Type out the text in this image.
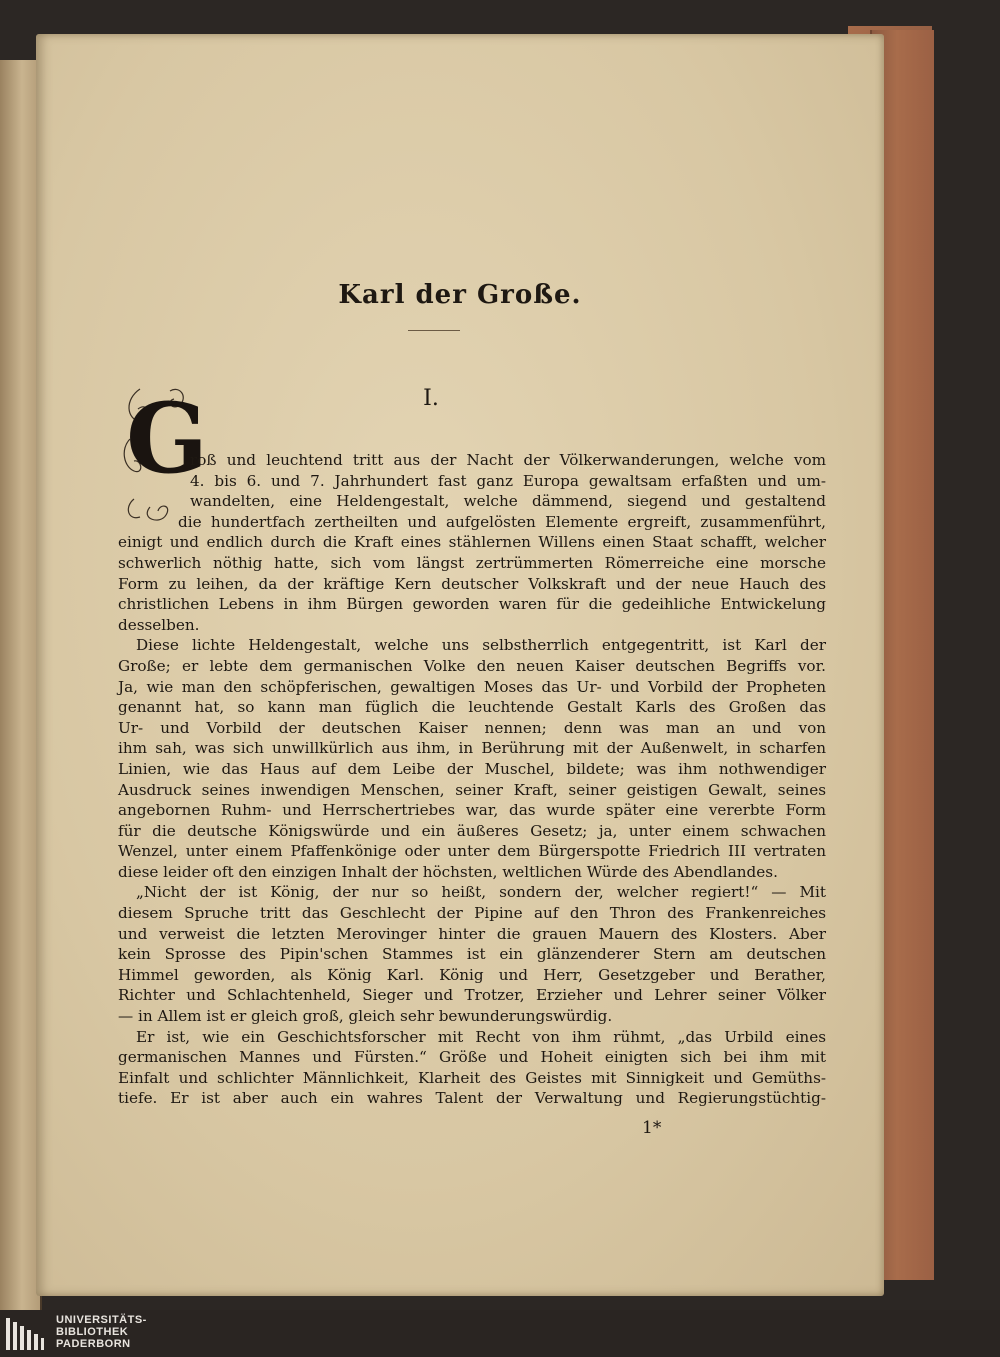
Karl der Große.
I.
G
roß und leuchtend tritt aus der Nacht der Völkerwanderungen, welche vom
4. bis 6. und 7. Jahrhundert fast ganz Europa gewaltsam erfaßten und um-
wandelten, eine Heldengestalt, welche dämmend, siegend und gestaltend
die hundertfach zertheilten und aufgelösten Elemente ergreift, zusammenführt,
einigt und endlich durch die Kraft eines stählernen Willens einen Staat schafft, welcher
schwerlich nöthig hatte, sich vom längst zertrümmerten Römerreiche eine morsche
Form zu leihen, da der kräftige Kern deutscher Volkskraft und der neue Hauch des
christlichen Lebens in ihm Bürgen geworden waren für die gedeihliche Entwickelung
desselben.
Diese lichte Heldengestalt, welche uns selbstherrlich entgegentritt, ist Karl der
Große; er lebte dem germanischen Volke den neuen Kaiser deutschen Begriffs vor.
Ja, wie man den schöpferischen, gewaltigen Moses das Ur- und Vorbild der Propheten
genannt hat, so kann man füglich die leuchtende Gestalt Karls des Großen das
Ur- und Vorbild der deutschen Kaiser nennen; denn was man an und von
ihm sah, was sich unwillkürlich aus ihm, in Berührung mit der Außenwelt, in scharfen
Linien, wie das Haus auf dem Leibe der Muschel, bildete; was ihm nothwendiger
Ausdruck seines inwendigen Menschen, seiner Kraft, seiner geistigen Gewalt, seines
angebornen Ruhm- und Herrschertriebes war, das wurde später eine vererbte Form
für die deutsche Königswürde und ein äußeres Gesetz; ja, unter einem schwachen
Wenzel, unter einem Pfaffenkönige oder unter dem Bürgerspotte Friedrich III vertraten
diese leider oft den einzigen Inhalt der höchsten, weltlichen Würde des Abendlandes.
„Nicht der ist König, der nur so heißt, sondern der, welcher regiert!“ — Mit
diesem Spruche tritt das Geschlecht der Pipine auf den Thron des Frankenreiches
und verweist die letzten Merovinger hinter die grauen Mauern des Klosters. Aber
kein Sprosse des Pipin'schen Stammes ist ein glänzenderer Stern am deutschen
Himmel geworden, als König Karl. König und Herr, Gesetzgeber und Berather,
Richter und Schlachtenheld, Sieger und Trotzer, Erzieher und Lehrer seiner Völker
— in Allem ist er gleich groß, gleich sehr bewunderungswürdig.
Er ist, wie ein Geschichtsforscher mit Recht von ihm rühmt, „das Urbild eines
germanischen Mannes und Fürsten.“ Größe und Hoheit einigten sich bei ihm mit
Einfalt und schlichter Männlichkeit, Klarheit des Geistes mit Sinnigkeit und Gemüths-
tiefe. Er ist aber auch ein wahres Talent der Verwaltung und Regierungstüchtig-
1*
UNIVERSITÄTS-
BIBLIOTHEK
PADERBORN
